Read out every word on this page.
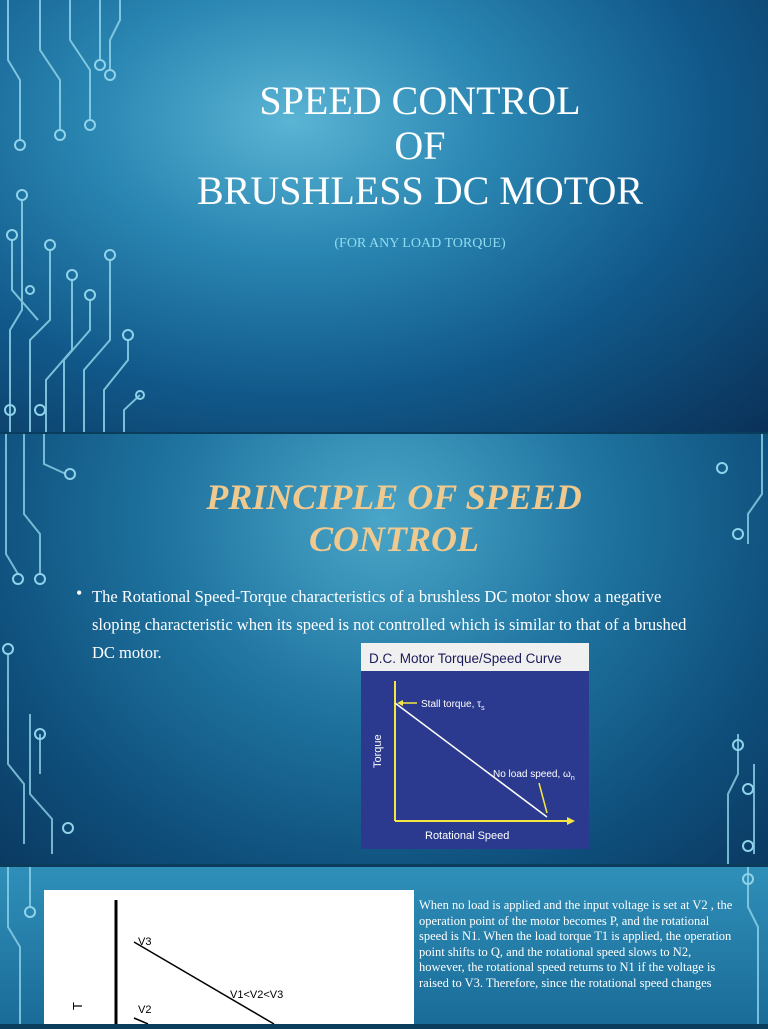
SPEED CONTROL
OF
BRUSHLESS DC MOTOR
(FOR ANY LOAD TORQUE)
PRINCIPLE OF SPEED
CONTROL
• The Rotational Speed-Torque characteristics of a brushless DC motor show a negative sloping characteristic when its speed is not controlled which is similar to that of a brushed DC motor.	D.C. Motor Torque/Speed Curve
Stall torque, $\tau_s$
No load speed, $\omega_n$
Torque
Rotational Speed
V3
V2
V1<V2<V3
T
When no load is applied and the input voltage is set at V2 , the operation point of the motor becomes P, and the rotational speed is N1. When the load torque T1 is applied, the operation point shifts to Q, and the rotational speed slows to N2, however, the rotational speed returns to N1 if the voltage is raised to V3. Therefore, since the rotational speed changes
